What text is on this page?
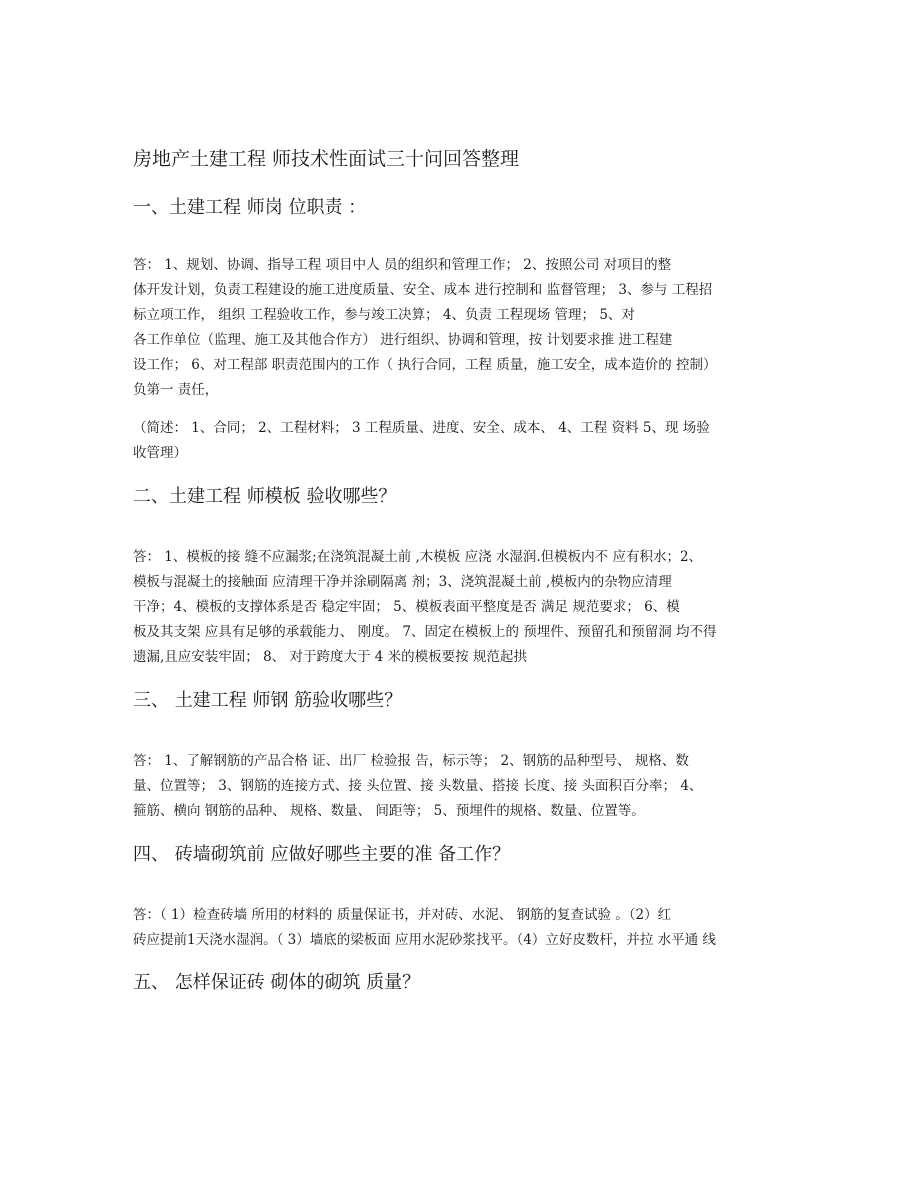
房地产土建工程 师技术性面试三十问回答整理
一、土建工程 师岗 位职责 ：
答： 1、规划、协调、指导工程 项目中人 员的组织和管理工作； 2、按照公司 对项目的整
体开发计划，负责工程建设的施工进度质量、安全、成本 进行控制和 监督管理； 3、参与 工程招
标立项工作， 组织 工程验收工作，参与竣工决算； 4、负责 工程现场 管理； 5、对
各工作单位（监理、施工及其他合作方） 进行组织、协调和管理，按 计划要求推 进工程建
设工作； 6、对工程部 职责范围内的工作（ 执行合同，工程 质量，施工安全，成本造价的 控制）
负第一 责任，
（简述： 1、合同； 2、工程材料； 3 工程质量、进度、安全、成本、 4、工程 资料 5、现 场验
收管理）
二、土建工程 师模板 验收哪些？
答： 1、模板的接 缝不应漏浆;在浇筑混凝土前 ,木模板 应浇 水湿润.但模板内不 应有积水；2、
模板与混凝土的接触面 应清理干净并涂刷隔离 剂；3、浇筑混凝土前 ,模板内的杂物应清理
干净；4、模板的支撑体系是否 稳定牢固； 5、模板表面平整度是否 满足 规范要求； 6、模
板及其支架 应具有足够的承载能力、 刚度。 7、固定在模板上的 预埋件、预留孔和预留洞 均不得
遗漏,且应安装牢固； 8、 对于跨度大于 4 米的模板要按 规范起拱
三、 土建工程 师钢 筋验收哪些？
答： 1、了解钢筋的产品合格 证、出厂 检验报 告，标示等； 2、钢筋的品种型号、 规格、数
量、位置等； 3、钢筋的连接方式、接 头位置、接 头数量、搭接 长度、接 头面积百分率； 4、
箍筋、横向 钢筋的品种、 规格、数量、 间距等； 5、预埋件的规格、数量、位置等。
四、 砖墙砌筑前 应做好哪些主要的准 备工作？
答：（ 1）检查砖墙 所用的材料的 质量保证书，并对砖、水泥、 钢筋的复查试验 。（2）红
砖应提前1天浇水湿润。（ 3）墙底的梁板面 应用水泥砂浆找平。（4）立好皮数杆，并拉 水平通 线
五、 怎样保证砖 砌体的砌筑 质量？
